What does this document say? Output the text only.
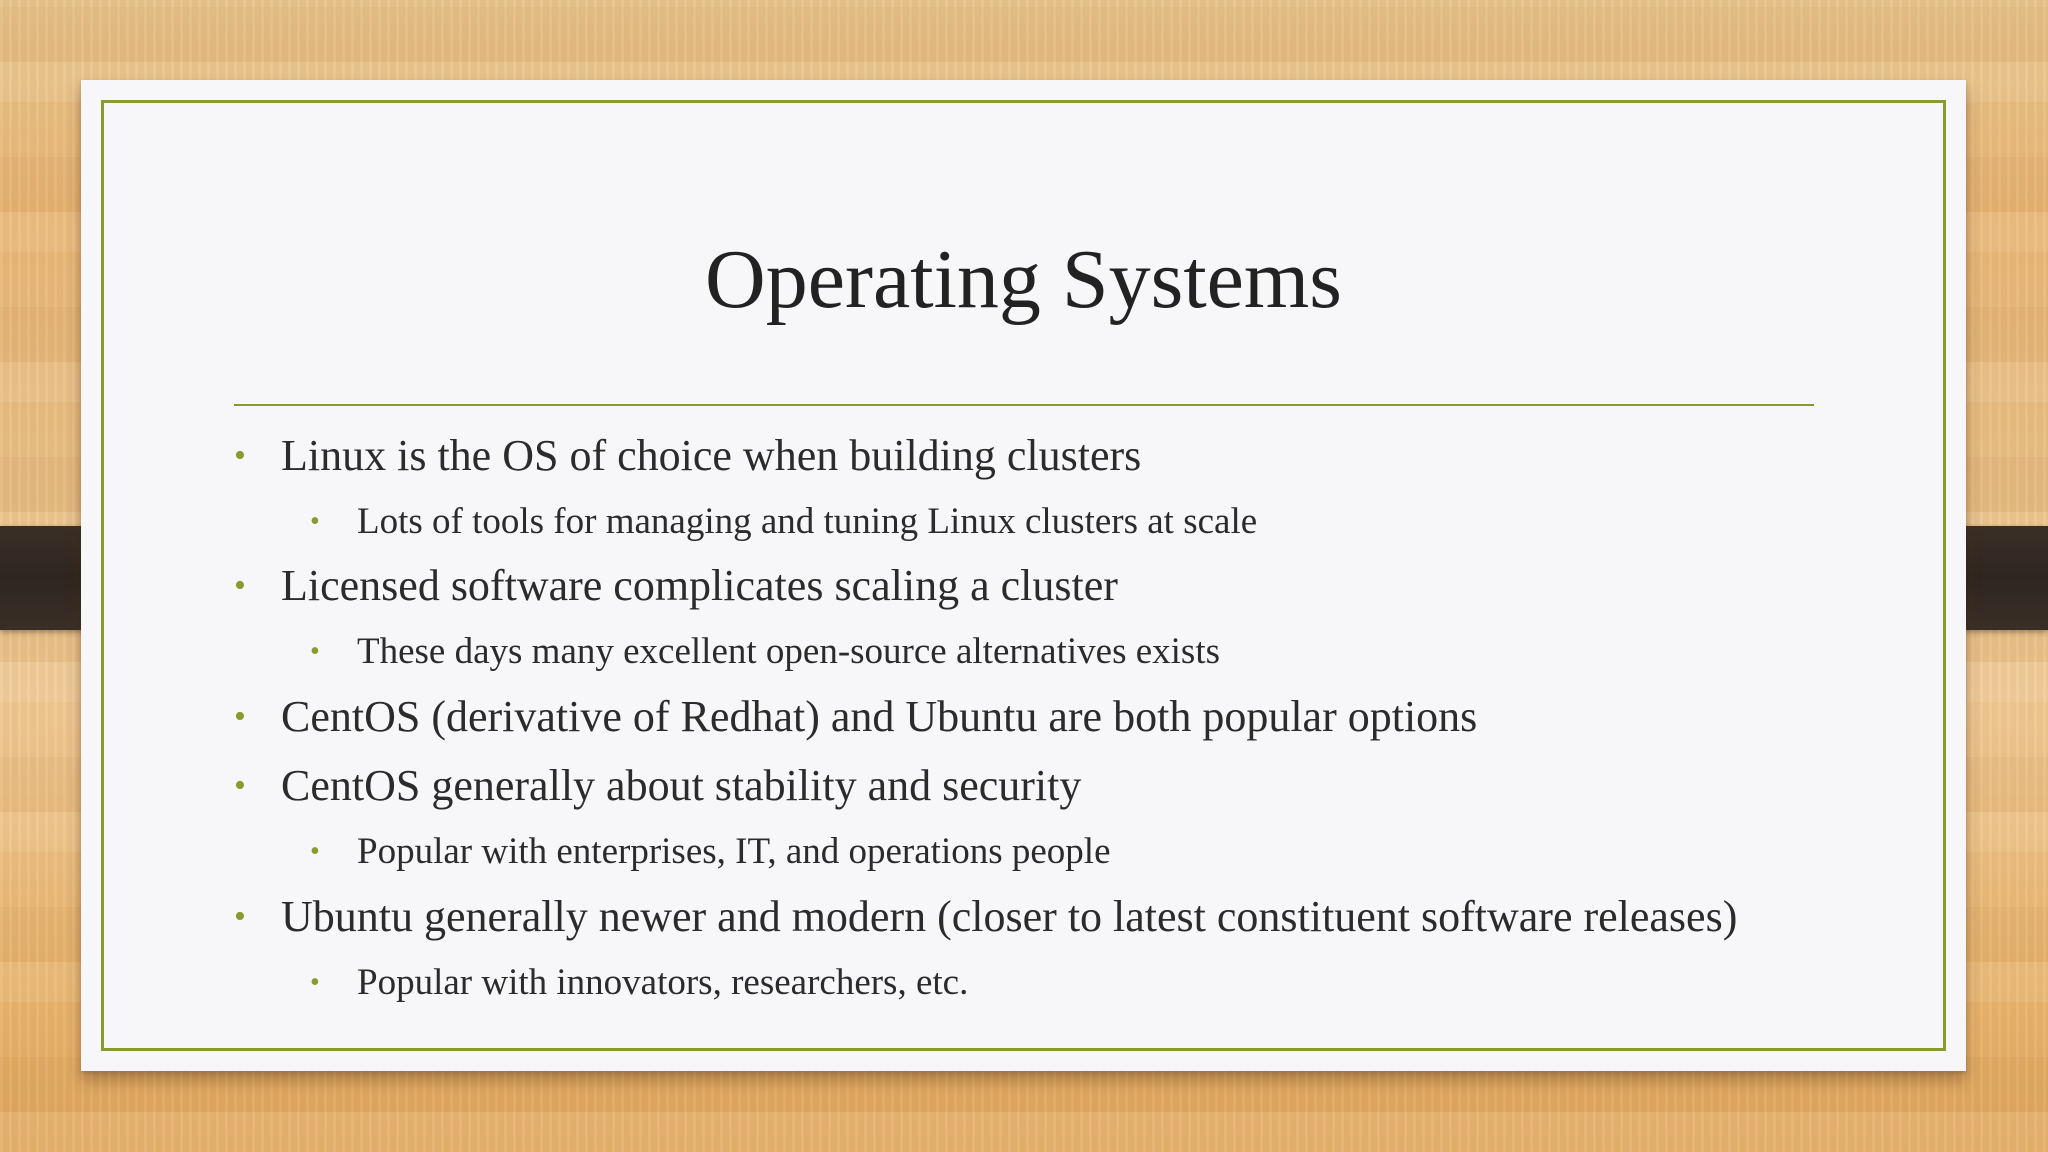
Operating Systems
• Linux is the OS of choice when building clusters
• Lots of tools for managing and tuning Linux clusters at scale
• Licensed software complicates scaling a cluster
• These days many excellent open-source alternatives exists
• CentOS (derivative of Redhat) and Ubuntu are both popular options
• CentOS generally about stability and security
• Popular with enterprises, IT, and operations people
• Ubuntu generally newer and modern (closer to latest constituent software releases)
• Popular with innovators, researchers, etc.
